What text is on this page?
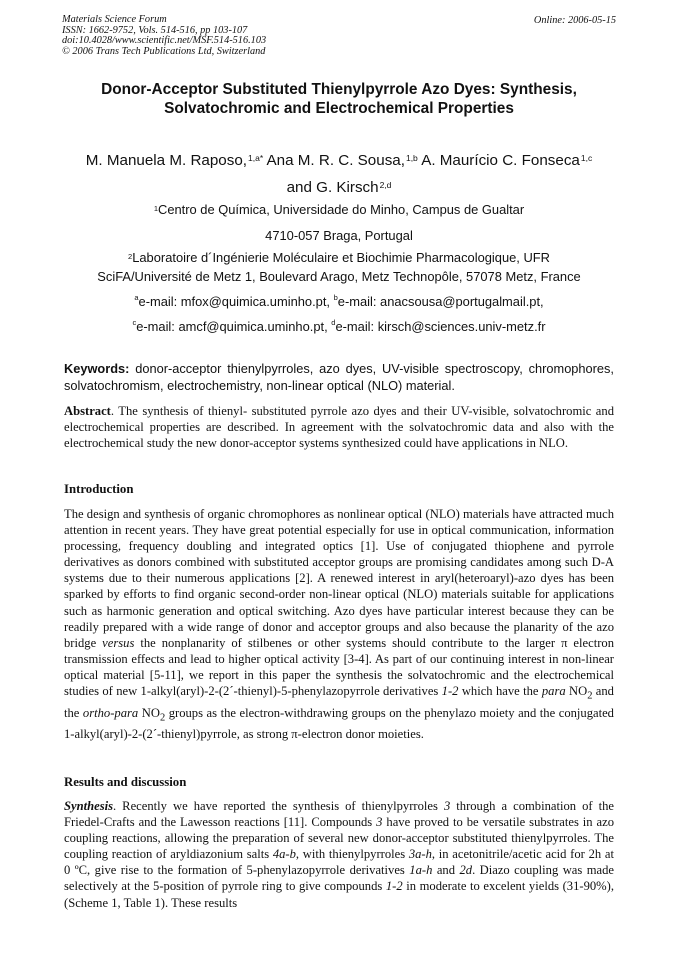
Materials Science Forum
ISSN: 1662-9752, Vols. 514-516, pp 103-107
doi:10.4028/www.scientific.net/MSF.514-516.103
© 2006 Trans Tech Publications Ltd, Switzerland
Online: 2006-05-15
Donor-Acceptor Substituted Thienylpyrrole Azo Dyes: Synthesis,
Solvatochromic and Electrochemical Properties
M. Manuela M. Raposo,$^{1,a*}$ Ana M. R. C. Sousa,$^{1,b}$ A. Maurício C. Fonseca$^{1,c}$
and G. Kirsch$^{2,d}$
$^1$Centro de Química, Universidade do Minho, Campus de Gualtar
4710-057 Braga, Portugal
$^2$Laboratoire d´Ingénierie Moléculaire et Biochimie Pharmacologique, UFR
SciFA/Université de Metz 1, Boulevard Arago, Metz Technopôle, 57078 Metz, France
$^a$e-mail: mfox@quimica.uminho.pt, $^b$e-mail: anacsousa@portugalmail.pt,
$^c$e-mail: amcf@quimica.uminho.pt, $^d$e-mail: kirsch@sciences.univ-metz.fr
Keywords: donor-acceptor thienylpyrroles, azo dyes, UV-visible spectroscopy, chromophores, solvatochromism, electrochemistry, non-linear optical (NLO) material.
Abstract. The synthesis of thienyl- substituted pyrrole azo dyes and their UV-visible, solvatochromic and electrochemical properties are described. In agreement with the solvatochromic data and also with the electrochemical study the new donor-acceptor systems synthesized could have applications in NLO.
Introduction
The design and synthesis of organic chromophores as nonlinear optical (NLO) materials have attracted much attention in recent years. They have great potential especially for use in optical communication, information processing, frequency doubling and integrated optics [1]. Use of conjugated thiophene and pyrrole derivatives as donors combined with substituted acceptor groups are promising candidates among such D-A systems due to their numerous applications [2]. A renewed interest in aryl(heteroaryl)-azo dyes has been sparked by efforts to find organic second-order non-linear optical (NLO) materials suitable for applications such as harmonic generation and optical switching. Azo dyes have particular interest because they can be readily prepared with a wide range of donor and acceptor groups and also because the planarity of the azo bridge versus the nonplanarity of stilbenes or other systems should contribute to the larger π electron transmission effects and lead to higher optical activity [3-4]. As part of our continuing interest in non-linear optical material [5-11], we report in this paper the synthesis the solvatochromic and the electrochemical studies of new 1-alkyl(aryl)-2-(2´-thienyl)-5-phenylazopyrrole derivatives 1-2 which have the para $NO_2$ and the ortho-para $NO_2$ groups as the electron-withdrawing groups on the phenylazo moiety and the conjugated 1-alkyl(aryl)-2-(2´-thienyl)pyrrole, as strong π-electron donor moieties.
Results and discussion
Synthesis. Recently we have reported the synthesis of thienylpyrroles 3 through a combination of the Friedel-Crafts and the Lawesson reactions [11]. Compounds 3 have proved to be versatile substrates in azo coupling reactions, allowing the preparation of several new donor-acceptor substituted thienylpyrroles. The coupling reaction of aryldiazonium salts 4a-b, with thienylpyrroles 3a-h, in acetonitrile/acetic acid for 2h at 0 ºC, give rise to the formation of 5-phenylazopyrrole derivatives 1a-h and 2d. Diazo coupling was made selectively at the 5-position of pyrrole ring to give compounds 1-2 in moderate to excelent yields (31-90%), (Scheme 1, Table 1). These results
